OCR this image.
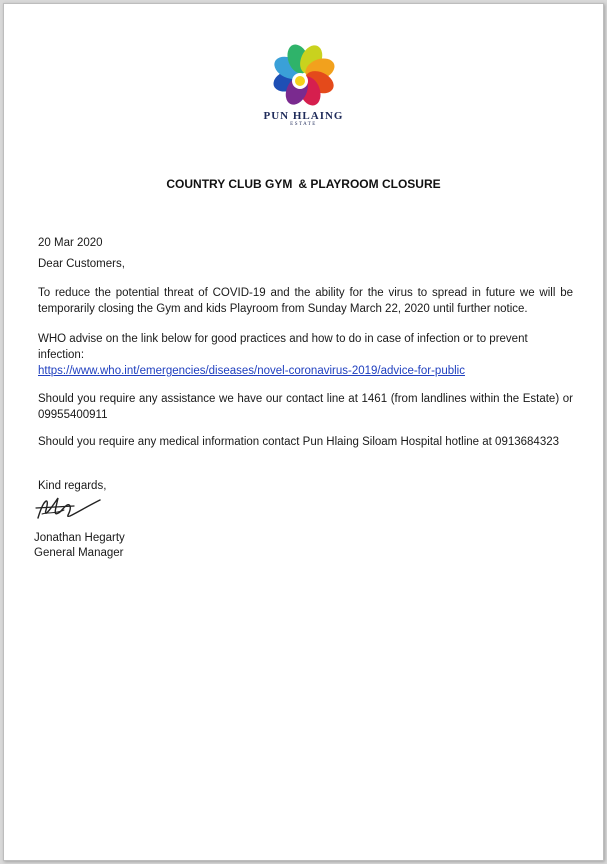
PUN HLAING
ESTATE
COUNTRY CLUB GYM & PLAYROOM CLOSURE

20 Mar 2020

Dear Customers,

To reduce the potential threat of COVID-19 and the ability for the virus to spread in future we will be temporarily closing the Gym and kids Playroom from Sunday March 22, 2020 until further notice.

WHO advise on the link below for good practices and how to do in case of infection or to prevent infection:

https://www.who.int/emergencies/diseases/novel-coronavirus-2019/advice-for-public

Should you require any assistance we have our contact line at 1461 (from landlines within the Estate) or 09955400911

Should you require any medical information contact Pun Hlaing Siloam Hospital hotline at 0913684323

Kind regards,

Jonathan Hegarty
General Manager
